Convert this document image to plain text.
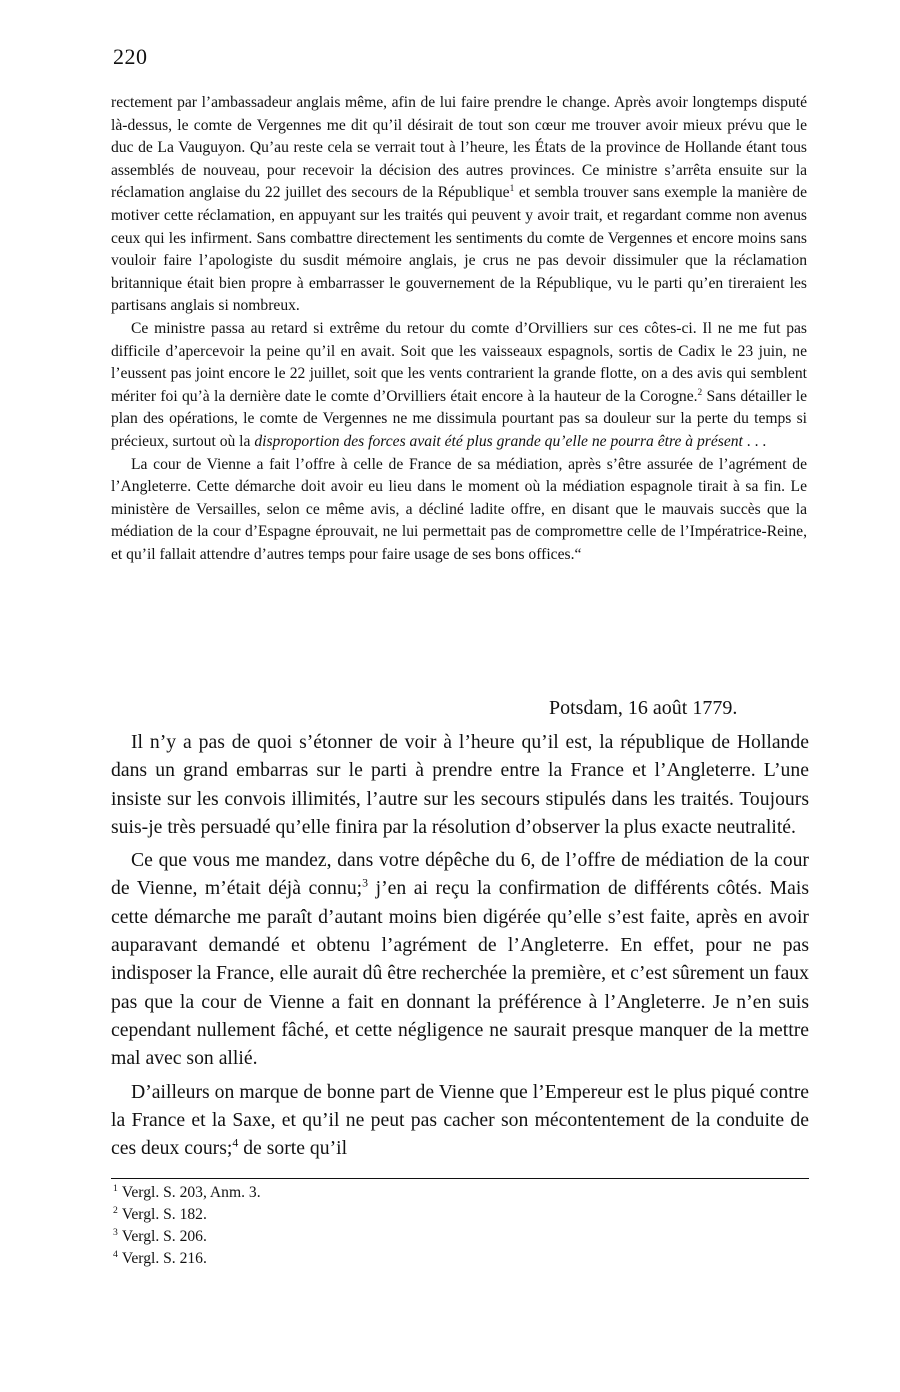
220

rectement par l’ambassadeur anglais même, afin de lui faire prendre le change. Après avoir longtemps disputé là-dessus, le comte de Vergennes me dit qu’il désirait de tout son cœur me trouver avoir mieux prévu que le duc de La Vauguyon. Qu’au reste cela se verrait tout à l’heure, les États de la province de Hollande étant tous assemblés de nouveau, pour recevoir la décision des autres provinces. Ce ministre s’arrêta ensuite sur la réclamation anglaise du 22 juillet des secours de la République$^1$ et sembla trouver sans exemple la manière de motiver cette réclamation, en appuyant sur les traités qui peuvent y avoir trait, et regardant comme non avenus ceux qui les infirment. Sans combattre directement les sentiments du comte de Vergennes et encore moins sans vouloir faire l’apologiste du susdit mémoire anglais, je crus ne pas devoir dissimuler que la réclamation britannique était bien propre à embarrasser le gouvernement de la République, vu le parti qu’en tireraient les partisans anglais si nombreux.

Ce ministre passa au retard si extrême du retour du comte d’Orvilliers sur ces côtes-ci. Il ne me fut pas difficile d’apercevoir la peine qu’il en avait. Soit que les vaisseaux espagnols, sortis de Cadix le 23 juin, ne l’eussent pas joint encore le 22 juillet, soit que les vents contrarient la grande flotte, on a des avis qui semblent mériter foi qu’à la dernière date le comte d’Orvilliers était encore à la hauteur de la Corogne.$^2$ Sans détailler le plan des opérations, le comte de Vergennes ne me dissimula pourtant pas sa douleur sur la perte du temps si précieux, surtout où la disproportion des forces avait été plus grande qu’elle ne pourra être à présent . . .

La cour de Vienne a fait l’offre à celle de France de sa médiation, après s’être assurée de l’agrément de l’Angleterre. Cette démarche doit avoir eu lieu dans le moment où la médiation espagnole tirait à sa fin. Le ministère de Versailles, selon ce même avis, a décliné ladite offre, en disant que le mauvais succès que la médiation de la cour d’Espagne éprouvait, ne lui permettait pas de compromettre celle de l’Impératrice-Reine, et qu’il fallait attendre d’autres temps pour faire usage de ses bons offices.“

Potsdam, 16 août 1779.

Il n’y a pas de quoi s’étonner de voir à l’heure qu’il est, la république de Hollande dans un grand embarras sur le parti à prendre entre la France et l’Angleterre. L’une insiste sur les convois illimités, l’autre sur les secours stipulés dans les traités. Toujours suis-je très persuadé qu’elle finira par la résolution d’observer la plus exacte neutralité.

Ce que vous me mandez, dans votre dépêche du 6, de l’offre de médiation de la cour de Vienne, m’était déjà connu;$^3$ j’en ai reçu la confirmation de différents côtés. Mais cette démarche me paraît d’autant moins bien digérée qu’elle s’est faite, après en avoir auparavant demandé et obtenu l’agrément de l’Angleterre. En effet, pour ne pas indisposer la France, elle aurait dû être recherchée la première, et c’est sûrement un faux pas que la cour de Vienne a fait en donnant la préférence à l’Angleterre. Je n’en suis cependant nullement fâché, et cette négligence ne saurait presque manquer de la mettre mal avec son allié.

D’ailleurs on marque de bonne part de Vienne que l’Empereur est le plus piqué contre la France et la Saxe, et qu’il ne peut pas cacher son mécontentement de la conduite de ces deux cours;$^4$ de sorte qu’il

$^1$ Vergl. S. 203, Anm. 3.
$^2$ Vergl. S. 182.
$^3$ Vergl. S. 206.
$^4$ Vergl. S. 216.
